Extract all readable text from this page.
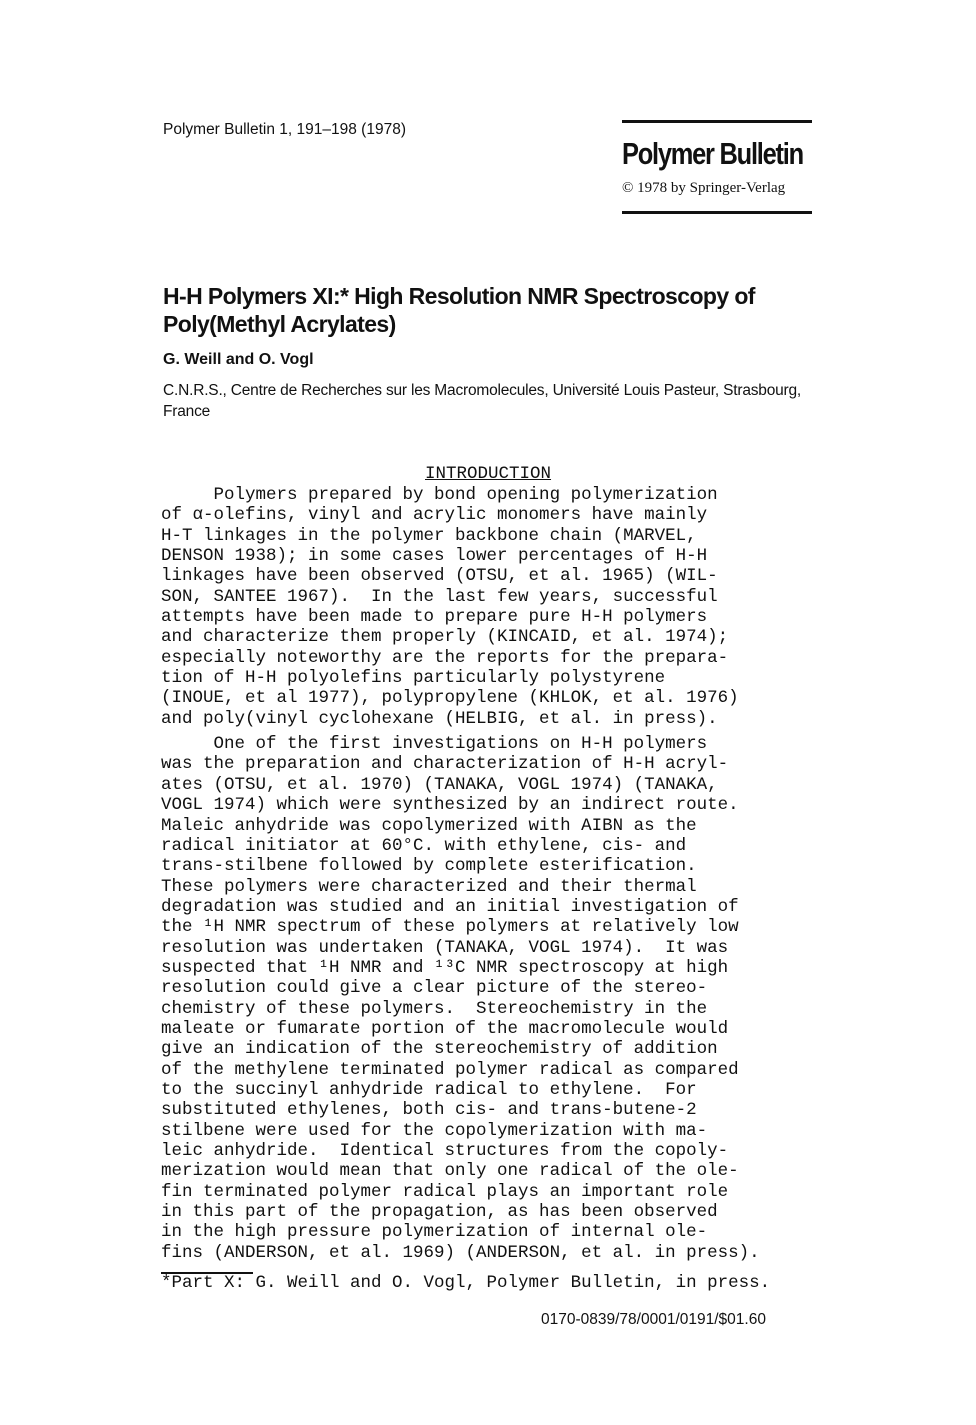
Polymer Bulletin 1, 191–198 (1978)
Polymer Bulletin
© 1978 by Springer-Verlag
H-H Polymers XI:* High Resolution NMR Spectroscopy of Poly(Methyl Acrylates)
G. Weill and O. Vogl
C.N.R.S., Centre de Recherches sur les Macromolecules, Université Louis Pasteur, Strasbourg, France
INTRODUCTION

Polymers prepared by bond opening polymerization
of α-olefins, vinyl and acrylic monomers have mainly
H-T linkages in the polymer backbone chain (MARVEL,
DENSON 1938); in some cases lower percentages of H-H
linkages have been observed (OTSU, et al. 1965) (WIL-
SON, SANTEE 1967).  In the last few years, successful
attempts have been made to prepare pure H-H polymers
and characterize them properly (KINCAID, et al. 1974);
especially noteworthy are the reports for the prepara-
tion of H-H polyolefins particularly polystyrene
(INOUE, et al 1977), polypropylene (KHLOK, et al. 1976)
and poly(vinyl cyclohexane (HELBIG, et al. in press).

One of the first investigations on H-H polymers
was the preparation and characterization of H-H acryl-
ates (OTSU, et al. 1970) (TANAKA, VOGL 1974) (TANAKA,
VOGL 1974) which were synthesized by an indirect route.
Maleic anhydride was copolymerized with AIBN as the
radical initiator at 60°C. with ethylene, cis- and
trans-stilbene followed by complete esterification.
These polymers were characterized and their thermal
degradation was studied and an initial investigation of
the ¹H NMR spectrum of these polymers at relatively low
resolution was undertaken (TANAKA, VOGL 1974).  It was
suspected that ¹H NMR and ¹³C NMR spectroscopy at high
resolution could give a clear picture of the stereo-
chemistry of these polymers.  Stereochemistry in the
maleate or fumarate portion of the macromolecule would
give an indication of the stereochemistry of addition
of the methylene terminated polymer radical as compared
to the succinyl anhydride radical to ethylene.  For
substituted ethylenes, both cis- and trans-butene-2
stilbene were used for the copolymerization with ma-
leic anhydride.  Identical structures from the copoly-
merization would mean that only one radical of the ole-
fin terminated polymer radical plays an important role
in this part of the propagation, as has been observed
in the high pressure polymerization of internal ole-
fins (ANDERSON, et al. 1969) (ANDERSON, et al. in press).

*Part X: G. Weill and O. Vogl, Polymer Bulletin, in press.
0170-0839/78/0001/0191/$01.60
